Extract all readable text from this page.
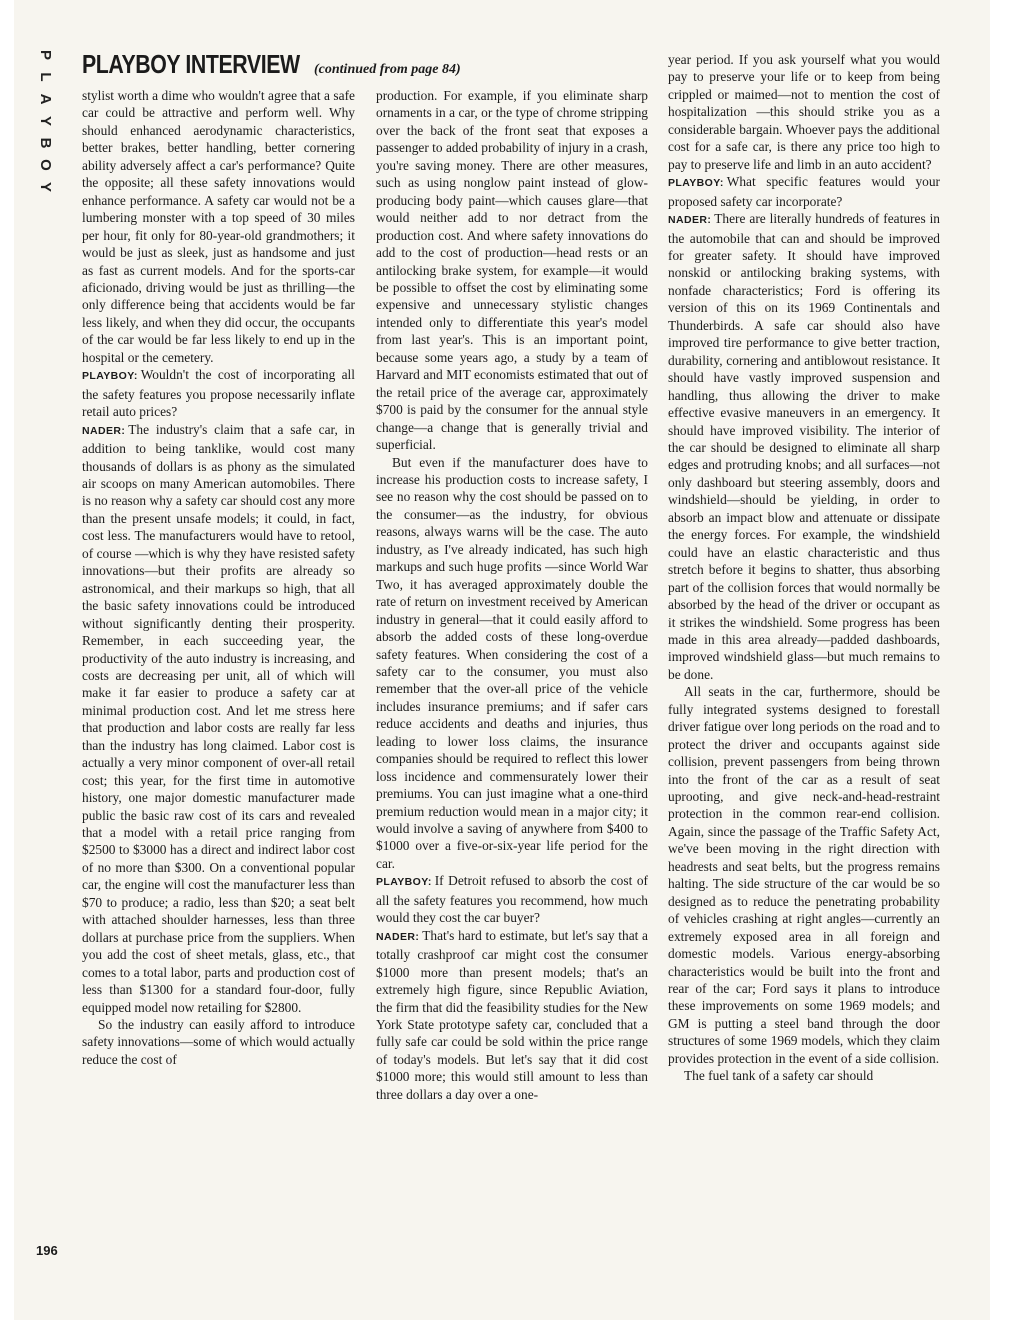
P
L
A
Y
B
O
Y
PLAYBOY INTERVIEW (continued from page 84)

stylist worth a dime who wouldn't agree that a safe car could be attractive and perform well. Why should enhanced aerodynamic characteristics, better brakes, better handling, better cornering ability adversely affect a car's performance? Quite the opposite; all these safety innovations would enhance performance. A safety car would not be a lumbering monster with a top speed of 30 miles per hour, fit only for 80-year-old grandmothers; it would be just as sleek, just as handsome and just as fast as current models. And for the sports-car aficionado, driving would be just as thrilling—the only difference being that accidents would be far less likely, and when they did occur, the occupants of the car would be far less likely to end up in the hospital or the cemetery.

PLAYBOY: Wouldn't the cost of incorporating all the safety features you propose necessarily inflate retail auto prices?

NADER: The industry's claim that a safe car, in addition to being tanklike, would cost many thousands of dollars is as phony as the simulated air scoops on many American automobiles. There is no reason why a safety car should cost any more than the present unsafe models; it could, in fact, cost less. The manufacturers would have to retool, of course —which is why they have resisted safety innovations—but their profits are already so astronomical, and their markups so high, that all the basic safety innovations could be introduced without significantly denting their prosperity. Remember, in each succeeding year, the productivity of the auto industry is increasing, and costs are decreasing per unit, all of which will make it far easier to produce a safety car at minimal production cost. And let me stress here that production and labor costs are really far less than the industry has long claimed. Labor cost is actually a very minor component of over-all retail cost; this year, for the first time in automotive history, one major domestic manufacturer made public the basic raw cost of its cars and revealed that a model with a retail price ranging from $2500 to $3000 has a direct and indirect labor cost of no more than $300. On a conventional popular car, the engine will cost the manufacturer less than $70 to produce; a radio, less than $20; a seat belt with attached shoulder harnesses, less than three dollars at purchase price from the suppliers. When you add the cost of sheet metals, glass, etc., that comes to a total labor, parts and production cost of less than $1300 for a standard four-door, fully equipped model now retailing for $2800.

So the industry can easily afford to introduce safety innovations—some of which would actually reduce the cost of

production. For example, if you eliminate sharp ornaments in a car, or the type of chrome stripping over the back of the front seat that exposes a passenger to added probability of injury in a crash, you're saving money. There are other measures, such as using nonglow paint instead of glow-producing body paint—which causes glare—that would neither add to nor detract from the production cost. And where safety innovations do add to the cost of production—head rests or an antilocking brake system, for example—it would be possible to offset the cost by eliminating some expensive and unnecessary stylistic changes intended only to differentiate this year's model from last year's. This is an important point, because some years ago, a study by a team of Harvard and MIT economists estimated that out of the retail price of the average car, approximately $700 is paid by the consumer for the annual style change—a change that is generally trivial and superficial.

But even if the manufacturer does have to increase his production costs to increase safety, I see no reason why the cost should be passed on to the consumer—as the industry, for obvious reasons, always warns will be the case. The auto industry, as I've already indicated, has such high markups and such huge profits —since World War Two, it has averaged approximately double the rate of return on investment received by American industry in general—that it could easily afford to absorb the added costs of these long-overdue safety features. When considering the cost of a safety car to the consumer, you must also remember that the over-all price of the vehicle includes insurance premiums; and if safer cars reduce accidents and deaths and injuries, thus leading to lower loss claims, the insurance companies should be required to reflect this lower loss incidence and commensurately lower their premiums. You can just imagine what a one-third premium reduction would mean in a major city; it would involve a saving of anywhere from $400 to $1000 over a five-or-six-year life period for the car.

PLAYBOY: If Detroit refused to absorb the cost of all the safety features you recommend, how much would they cost the car buyer?

NADER: That's hard to estimate, but let's say that a totally crashproof car might cost the consumer $1000 more than present models; that's an extremely high figure, since Republic Aviation, the firm that did the feasibility studies for the New York State prototype safety car, concluded that a fully safe car could be sold within the price range of today's models. But let's say that it did cost $1000 more; this would still amount to less than three dollars a day over a one-

year period. If you ask yourself what you would pay to preserve your life or to keep from being crippled or maimed—not to mention the cost of hospitalization —this should strike you as a considerable bargain. Whoever pays the additional cost for a safe car, is there any price too high to pay to preserve life and limb in an auto accident?

PLAYBOY: What specific features would your proposed safety car incorporate?

NADER: There are literally hundreds of features in the automobile that can and should be improved for greater safety. It should have improved nonskid or antilocking braking systems, with nonfade characteristics; Ford is offering its version of this on its 1969 Continentals and Thunderbirds. A safe car should also have improved tire performance to give better traction, durability, cornering and antiblowout resistance. It should have vastly improved suspension and handling, thus allowing the driver to make effective evasive maneuvers in an emergency. It should have improved visibility. The interior of the car should be designed to eliminate all sharp edges and protruding knobs; and all surfaces—not only dashboard but steering assembly, doors and windshield—should be yielding, in order to absorb an impact blow and attenuate or dissipate the energy forces. For example, the windshield could have an elastic characteristic and thus stretch before it begins to shatter, thus absorbing part of the collision forces that would normally be absorbed by the head of the driver or occupant as it strikes the windshield. Some progress has been made in this area already—padded dashboards, improved windshield glass—but much remains to be done.

All seats in the car, furthermore, should be fully integrated systems designed to forestall driver fatigue over long periods on the road and to protect the driver and occupants against side collision, prevent passengers from being thrown into the front of the car as a result of seat uprooting, and give neck-and-head-restraint protection in the common rear-end collision. Again, since the passage of the Traffic Safety Act, we've been moving in the right direction with headrests and seat belts, but the progress remains halting. The side structure of the car would be so designed as to reduce the penetrating probability of vehicles crashing at right angles—currently an extremely exposed area in all foreign and domestic models. Various energy-absorbing characteristics would be built into the front and rear of the car; Ford says it plans to introduce these improvements on some 1969 models; and GM is putting a steel band through the door structures of some 1969 models, which they claim provides protection in the event of a side collision.

The fuel tank of a safety car should

196
